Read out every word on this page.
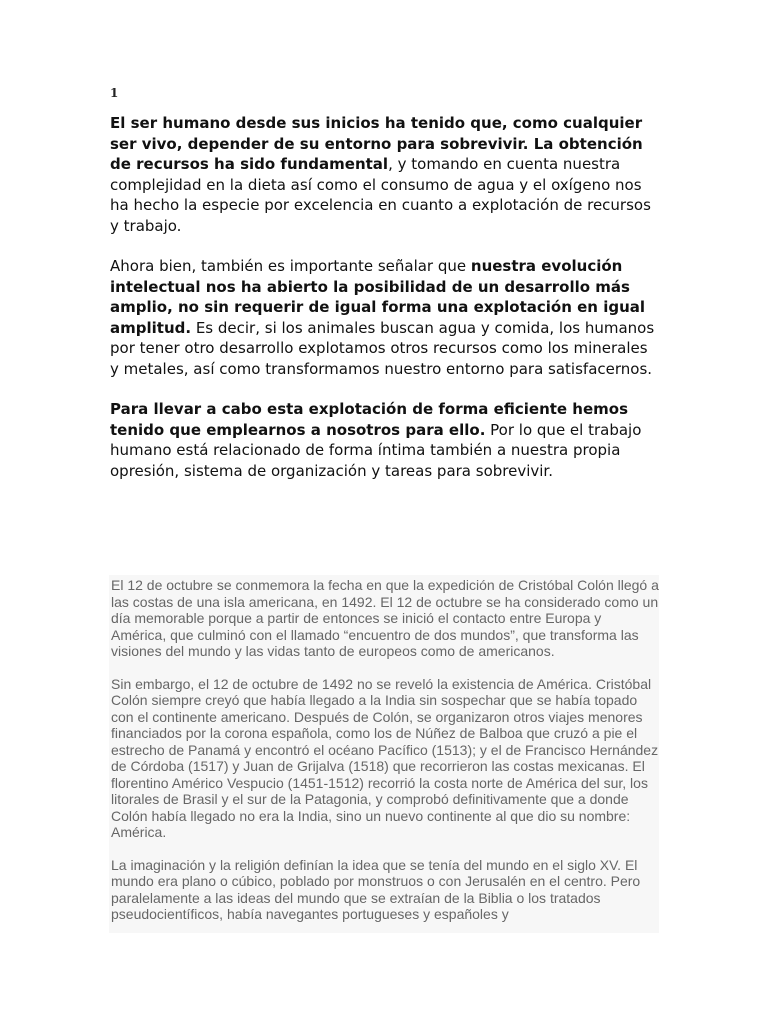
1

El ser humano desde sus inicios ha tenido que, como cualquier ser vivo, depender de su entorno para sobrevivir. La obtención de recursos ha sido fundamental, y tomando en cuenta nuestra complejidad en la dieta así como el consumo de agua y el oxígeno nos ha hecho la especie por excelencia en cuanto a explotación de recursos y trabajo.

Ahora bien, también es importante señalar que nuestra evolución intelectual nos ha abierto la posibilidad de un desarrollo más amplio, no sin requerir de igual forma una explotación en igual amplitud. Es decir, si los animales buscan agua y comida, los humanos por tener otro desarrollo explotamos otros recursos como los minerales y metales, así como transformamos nuestro entorno para satisfacernos.

Para llevar a cabo esta explotación de forma eficiente hemos tenido que emplearnos a nosotros para ello. Por lo que el trabajo humano está relacionado de forma íntima también a nuestra propia opresión, sistema de organización y tareas para sobrevivir.

El 12 de octubre se conmemora la fecha en que la expedición de Cristóbal Colón llegó a las costas de una isla americana, en 1492. El 12 de octubre se ha considerado como un día memorable porque a partir de entonces se inició el contacto entre Europa y América, que culminó con el llamado “encuentro de dos mundos”, que transforma las visiones del mundo y las vidas tanto de europeos como de americanos.

Sin embargo, el 12 de octubre de 1492 no se reveló la existencia de América. Cristóbal Colón siempre creyó que había llegado a la India sin sospechar que se había topado con el continente americano. Después de Colón, se organizaron otros viajes menores financiados por la corona española, como los de Núñez de Balboa que cruzó a pie el estrecho de Panamá y encontró el océano Pacífico (1513); y el de Francisco Hernández de Córdoba (1517) y Juan de Grijalva (1518) que recorrieron las costas mexicanas. El florentino Américo Vespucio (1451-1512) recorrió la costa norte de América del sur, los litorales de Brasil y el sur de la Patagonia, y comprobó definitivamente que a donde Colón había llegado no era la India, sino un nuevo continente al que dio su nombre: América.

La imaginación y la religión definían la idea que se tenía del mundo en el siglo XV. El mundo era plano o cúbico, poblado por monstruos o con Jerusalén en el centro. Pero paralelamente a las ideas del mundo que se extraían de la Biblia o los tratados pseudocientíficos, había navegantes portugueses y españoles y
